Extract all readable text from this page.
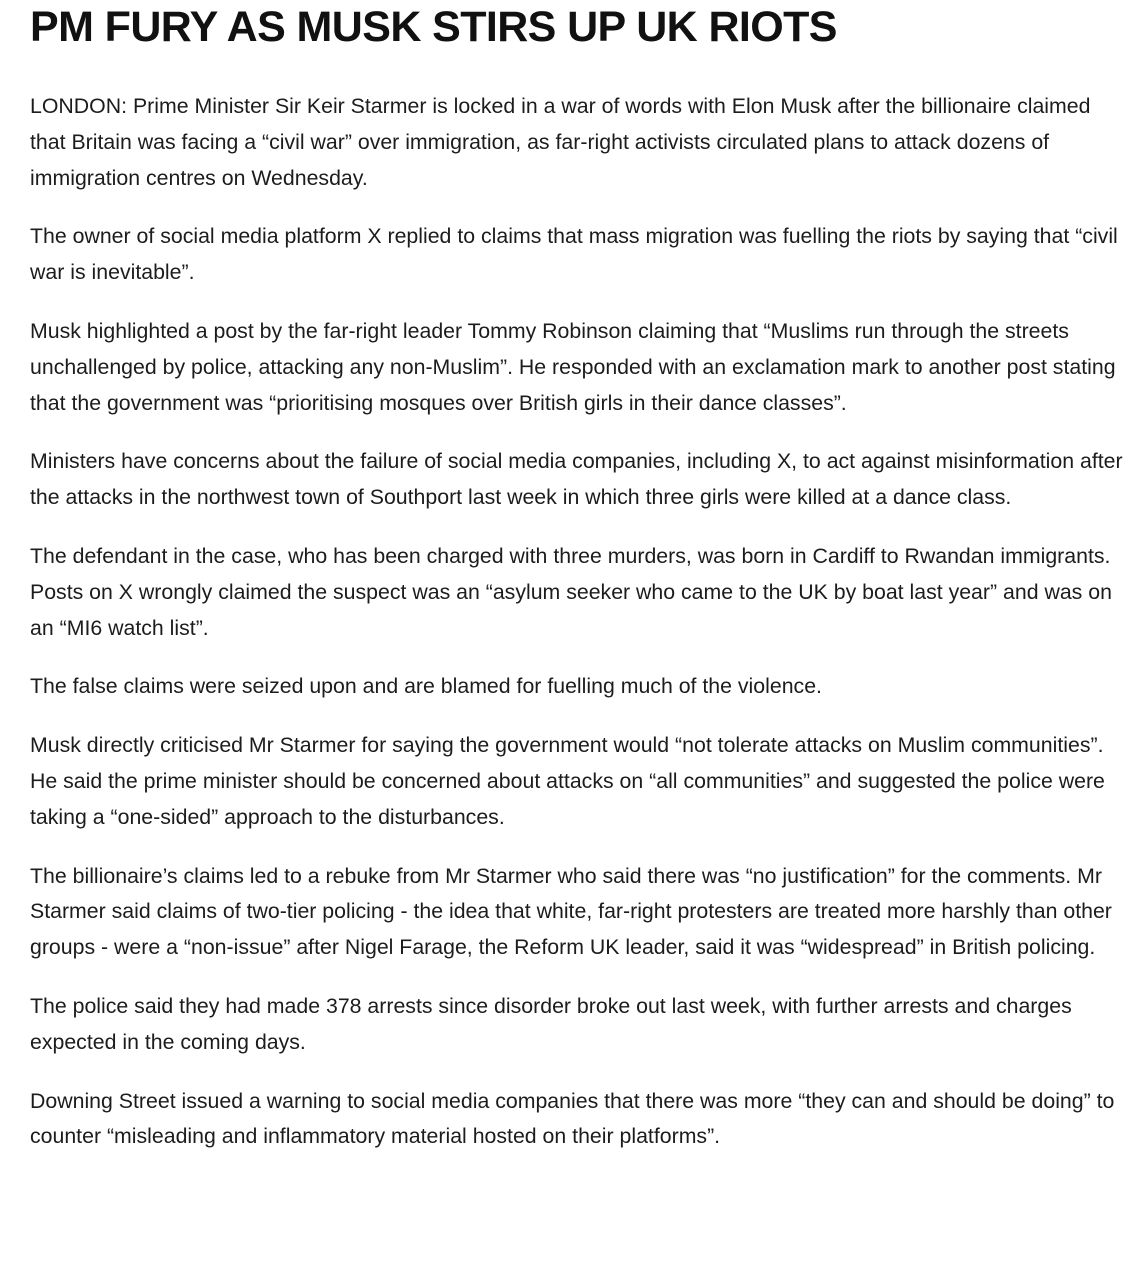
PM FURY AS MUSK STIRS UP UK RIOTS

LONDON: Prime Minister Sir Keir Starmer is locked in a war of words with Elon Musk after the billionaire claimed that Britain was facing a “civil war” over immigration, as far-right activists circulated plans to attack dozens of immigration centres on Wednesday.

The owner of social media platform X replied to claims that mass migration was fuelling the riots by saying that “civil war is inevitable”.

Musk highlighted a post by the far-right leader Tommy Robinson claiming that “Muslims run through the streets unchallenged by police, attacking any non-Muslim”. He responded with an exclamation mark to another post stating that the government was “prioritising mosques over British girls in their dance classes”.

Ministers have concerns about the failure of social media companies, including X, to act against misinformation after the attacks in the northwest town of Southport last week in which three girls were killed at a dance class.

The defendant in the case, who has been charged with three murders, was born in Cardiff to Rwandan immigrants. Posts on X wrongly claimed the suspect was an “asylum seeker who came to the UK by boat last year” and was on an “MI6 watch list”.

The false claims were seized upon and are blamed for fuelling much of the violence.

Musk directly criticised Mr Starmer for saying the government would “not tolerate attacks on Muslim communities”. He said the prime minister should be concerned about attacks on “all communities” and suggested the police were taking a “one-sided” approach to the disturbances.

The billionaire’s claims led to a rebuke from Mr Starmer who said there was “no justification” for the comments. Mr Starmer said claims of two-tier policing - the idea that white, far-right protesters are treated more harshly than other groups - were a “non-issue” after Nigel Farage, the Reform UK leader, said it was “widespread” in British policing.

The police said they had made 378 arrests since disorder broke out last week, with further arrests and charges expected in the coming days.

Downing Street issued a warning to social media companies that there was more “they can and should be doing” to counter “misleading and inflammatory material hosted on their platforms”.
